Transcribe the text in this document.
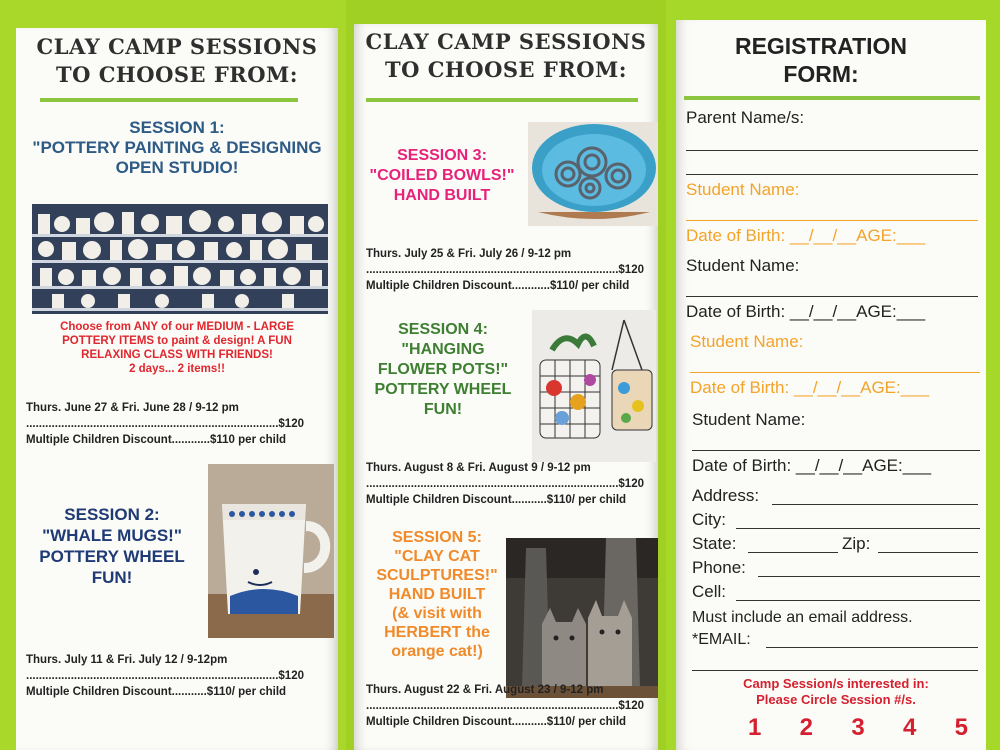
CLAY CAMP SESSIONS
TO CHOOSE FROM:
SESSION 1:
"POTTERY PAINTING & DESIGNING
OPEN STUDIO!
Choose from ANY of our MEDIUM - LARGE
POTTERY ITEMS to paint & design! A FUN
RELAXING CLASS WITH FRIENDS!
2 days... 2 items!!
Thurs. June 27 & Fri. June 28 / 9-12 pm
...............................................................................$120
Multiple Children Discount............$110 per child
SESSION 2:
"WHALE MUGS!"
POTTERY WHEEL
FUN!
Thurs. July 11 & Fri. July 12 / 9-12pm
...............................................................................$120
Multiple Children Discount...........$110/ per child
CLAY CAMP SESSIONS
TO CHOOSE FROM:
SESSION 3:
"COILED BOWLS!"
HAND BUILT
Thurs. July 25 & Fri. July 26 / 9-12 pm
...............................................................................$120
Multiple Children Discount............$110/ per child
SESSION 4:
"HANGING
FLOWER POTS!"
POTTERY WHEEL
FUN!
Thurs. August 8 & Fri. August 9 / 9-12 pm
...............................................................................$120
Multiple Children Discount...........$110/ per child
SESSION 5:
"CLAY CAT
SCULPTURES!"
HAND BUILT
(& visit with
HERBERT the
orange cat!)
Thurs. August 22 & Fri. August 23 / 9-12 pm
...............................................................................$120
Multiple Children Discount...........$110/ per child
REGISTRATION
FORM:
Parent Name/s:
Student Name:
Date of Birth: __/__/__AGE:___
Student Name:
Date of Birth: __/__/__AGE:___
Student Name:
Date of Birth: __/__/__AGE:___
Student Name:
Date of Birth: __/__/__AGE:___
Address:
City:
State:	Zip:
Phone:
Cell:
Must include an email address.
*EMAIL:
Camp Session/s interested in:
Please Circle Session #/s.
1 2 3 4 5
